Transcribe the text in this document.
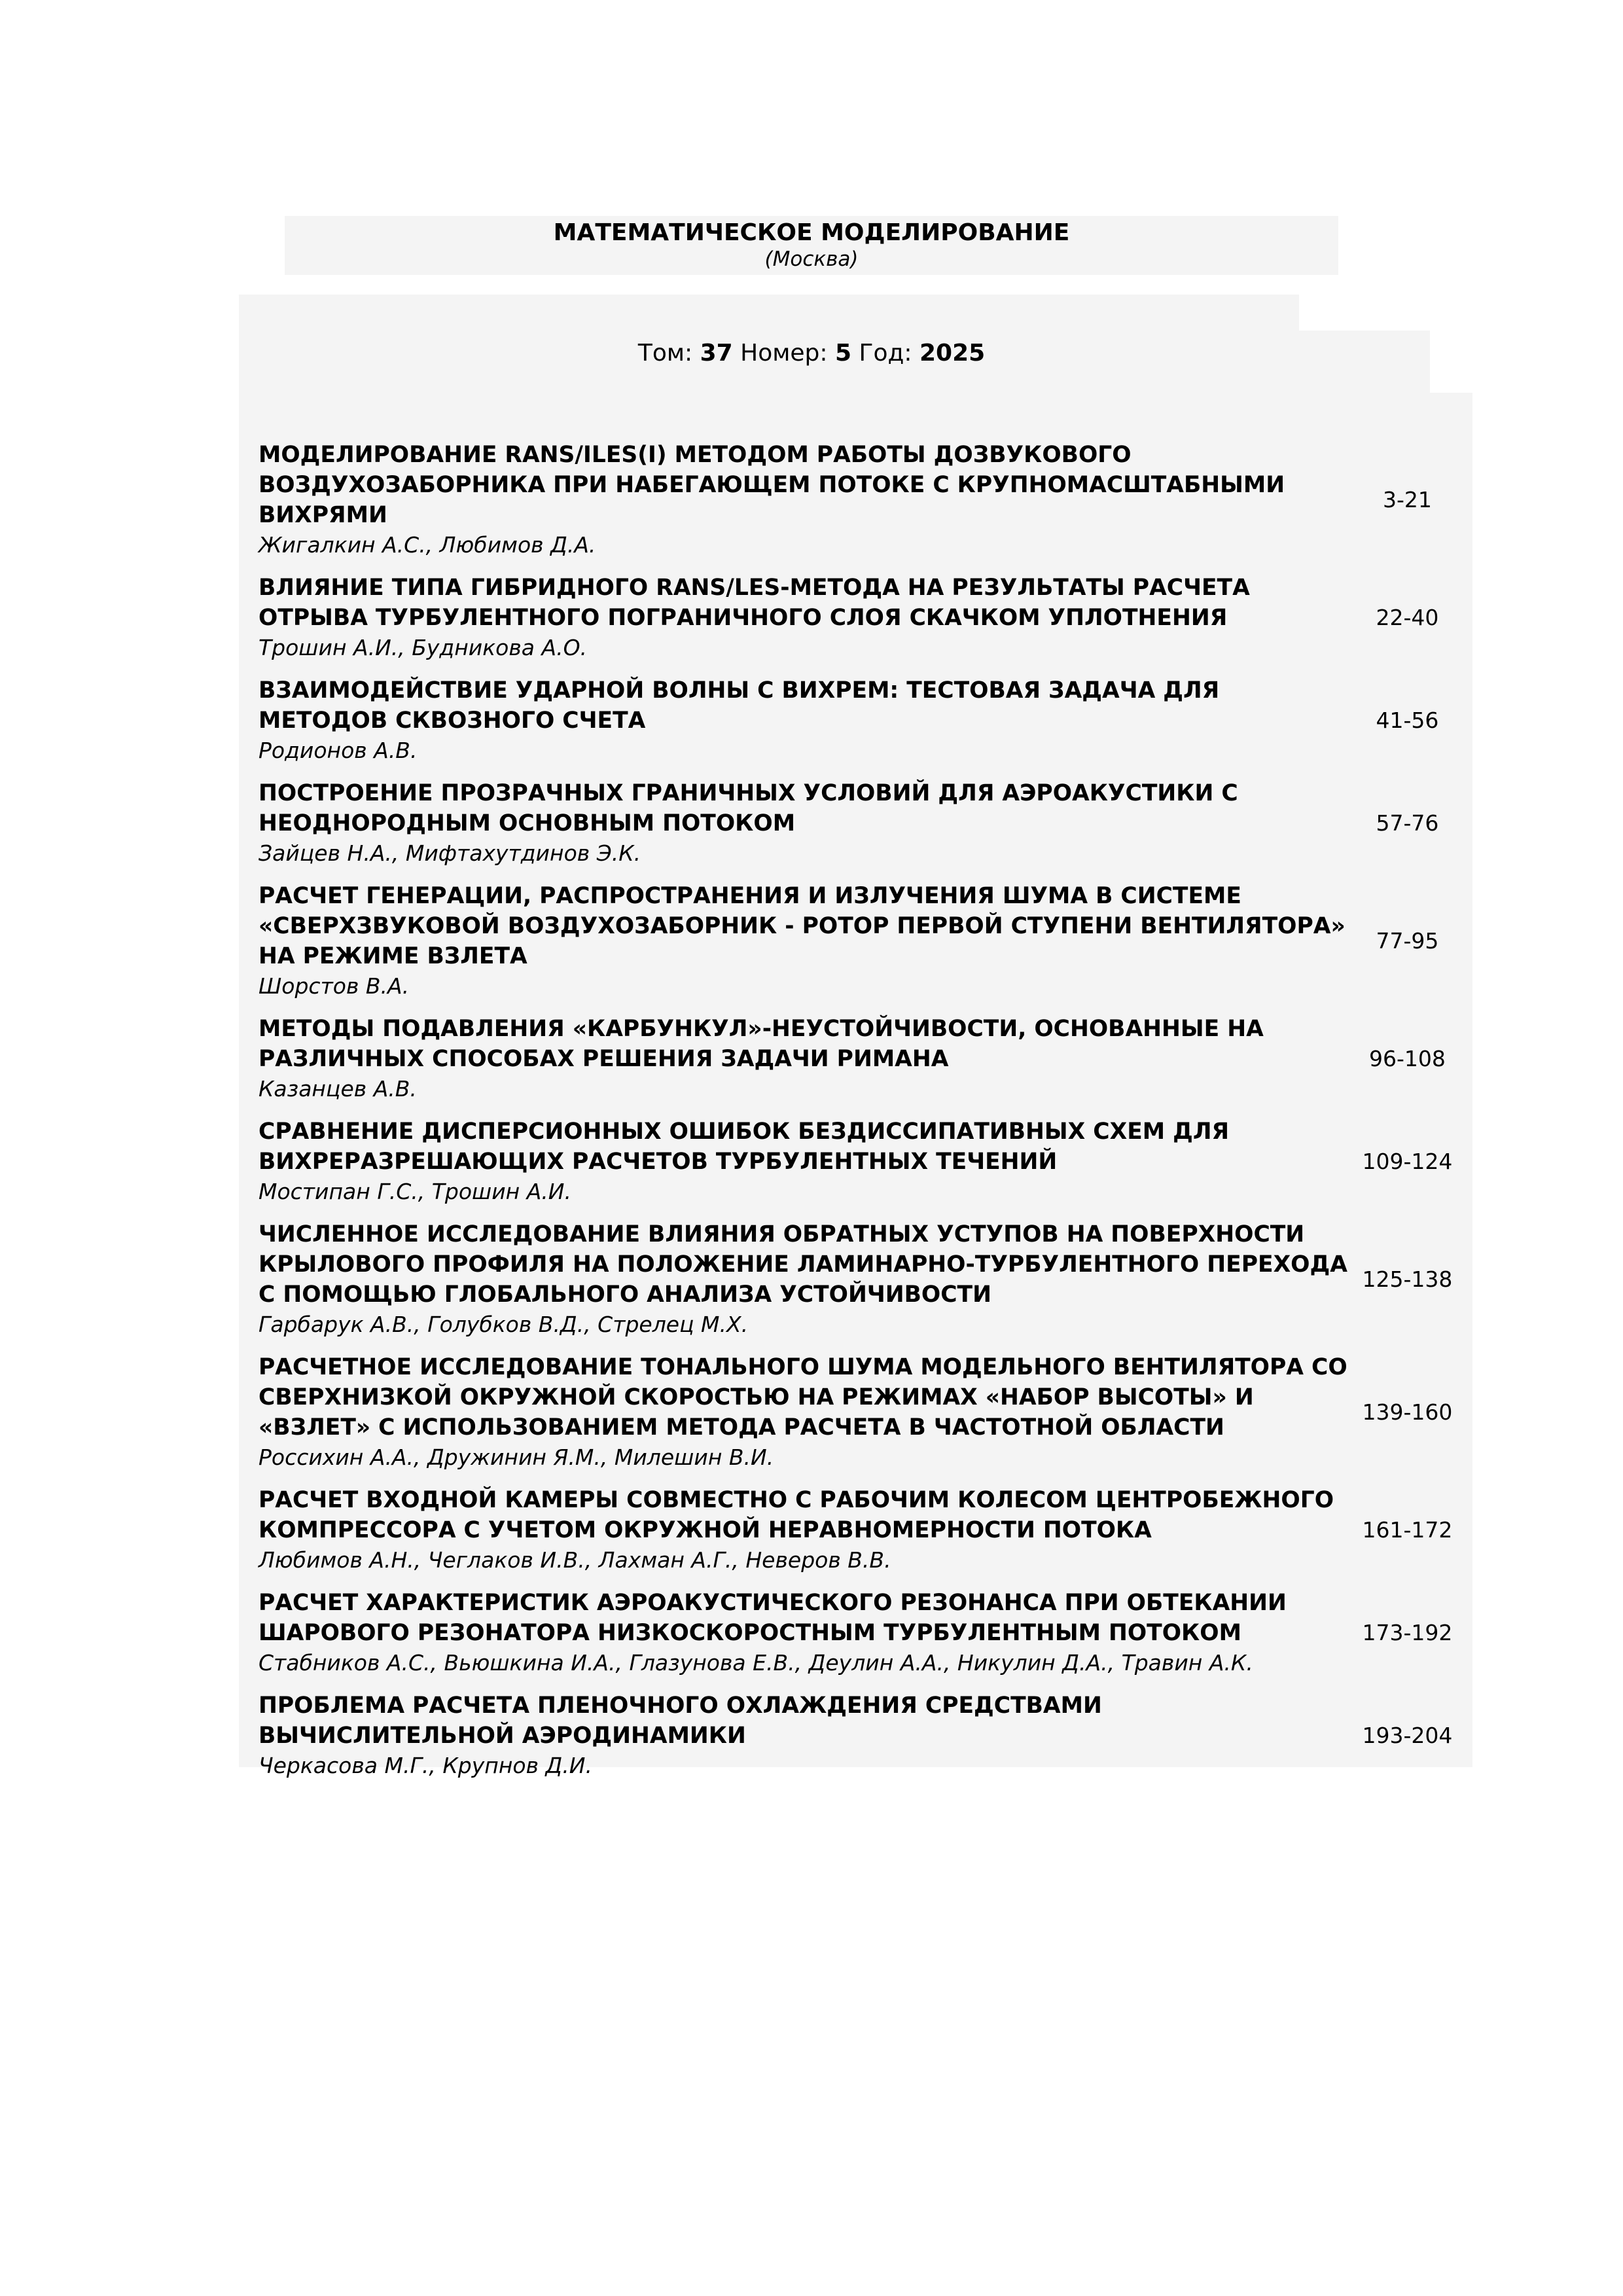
МАТЕМАТИЧЕСКОЕ МОДЕЛИРОВАНИЕ
(Москва)
Том: 37 Номер: 5 Год: 2025
МОДЕЛИРОВАНИЕ RANS/ILES(I) МЕТОДОМ РАБОТЫ ДОЗВУКОВОГО ВОЗДУХОЗАБОРНИКА ПРИ НАБЕГАЮЩЕМ ПОТОКЕ С КРУПНОМАСШТАБНЫМИ ВИХРЯМИ
Жигалкин А.С., Любимов Д.А.
3-21
ВЛИЯНИЕ ТИПА ГИБРИДНОГО RANS/LES-МЕТОДА НА РЕЗУЛЬТАТЫ РАСЧЕТА ОТРЫВА ТУРБУЛЕНТНОГО ПОГРАНИЧНОГО СЛОЯ СКАЧКОМ УПЛОТНЕНИЯ
Трошин А.И., Будникова А.О.
22-40
ВЗАИМОДЕЙСТВИЕ УДАРНОЙ ВОЛНЫ С ВИХРЕМ: ТЕСТОВАЯ ЗАДАЧА ДЛЯ МЕТОДОВ СКВОЗНОГО СЧЕТА
Родионов А.В.
41-56
ПОСТРОЕНИЕ ПРОЗРАЧНЫХ ГРАНИЧНЫХ УСЛОВИЙ ДЛЯ АЭРОАКУСТИКИ С НЕОДНОРОДНЫМ ОСНОВНЫМ ПОТОКОМ
Зайцев Н.А., Мифтахутдинов Э.К.
57-76
РАСЧЕТ ГЕНЕРАЦИИ, РАСПРОСТРАНЕНИЯ И ИЗЛУЧЕНИЯ ШУМА В СИСТЕМЕ «СВЕРХЗВУКОВОЙ ВОЗДУХОЗАБОРНИК - РОТОР ПЕРВОЙ СТУПЕНИ ВЕНТИЛЯТОРА» НА РЕЖИМЕ ВЗЛЕТА
Шорстов В.А.
77-95
МЕТОДЫ ПОДАВЛЕНИЯ «КАРБУНКУЛ»-НЕУСТОЙЧИВОСТИ, ОСНОВАННЫЕ НА РАЗЛИЧНЫХ СПОСОБАХ РЕШЕНИЯ ЗАДАЧИ РИМАНА
Казанцев А.В.
96-108
СРАВНЕНИЕ ДИСПЕРСИОННЫХ ОШИБОК БЕЗДИССИПАТИВНЫХ СХЕМ ДЛЯ ВИХРЕРАЗРЕШАЮЩИХ РАСЧЕТОВ ТУРБУЛЕНТНЫХ ТЕЧЕНИЙ
Мостипан Г.С., Трошин А.И.
109-124
ЧИСЛЕННОЕ ИССЛЕДОВАНИЕ ВЛИЯНИЯ ОБРАТНЫХ УСТУПОВ НА ПОВЕРХНОСТИ КРЫЛОВОГО ПРОФИЛЯ НА ПОЛОЖЕНИЕ ЛАМИНАРНО-ТУРБУЛЕНТНОГО ПЕРЕХОДА С ПОМОЩЬЮ ГЛОБАЛЬНОГО АНАЛИЗА УСТОЙЧИВОСТИ
Гарбарук А.В., Голубков В.Д., Стрелец М.Х.
125-138
РАСЧЕТНОЕ ИССЛЕДОВАНИЕ ТОНАЛЬНОГО ШУМА МОДЕЛЬНОГО ВЕНТИЛЯТОРА СО СВЕРХНИЗКОЙ ОКРУЖНОЙ СКОРОСТЬЮ НА РЕЖИМАХ «НАБОР ВЫСОТЫ» И «ВЗЛЕТ» С ИСПОЛЬЗОВАНИЕМ МЕТОДА РАСЧЕТА В ЧАСТОТНОЙ ОБЛАСТИ
Россихин А.А., Дружинин Я.М., Милешин В.И.
139-160
РАСЧЕТ ВХОДНОЙ КАМЕРЫ СОВМЕСТНО С РАБОЧИМ КОЛЕСОМ ЦЕНТРОБЕЖНОГО КОМПРЕССОРА С УЧЕТОМ ОКРУЖНОЙ НЕРАВНОМЕРНОСТИ ПОТОКА
Любимов А.Н., Чеглаков И.В., Лахман А.Г., Неверов В.В.
161-172
РАСЧЕТ ХАРАКТЕРИСТИК АЭРОАКУСТИЧЕСКОГО РЕЗОНАНСА ПРИ ОБТЕКАНИИ ШАРОВОГО РЕЗОНАТОРА НИЗКОСКОРОСТНЫМ ТУРБУЛЕНТНЫМ ПОТОКОМ
Стабников А.С., Вьюшкина И.А., Глазунова Е.В., Деулин А.А., Никулин Д.А., Травин А.К.
173-192
ПРОБЛЕМА РАСЧЕТА ПЛЕНОЧНОГО ОХЛАЖДЕНИЯ СРЕДСТВАМИ ВЫЧИСЛИТЕЛЬНОЙ АЭРОДИНАМИКИ
Черкасова М.Г., Крупнов Д.И.
193-204
